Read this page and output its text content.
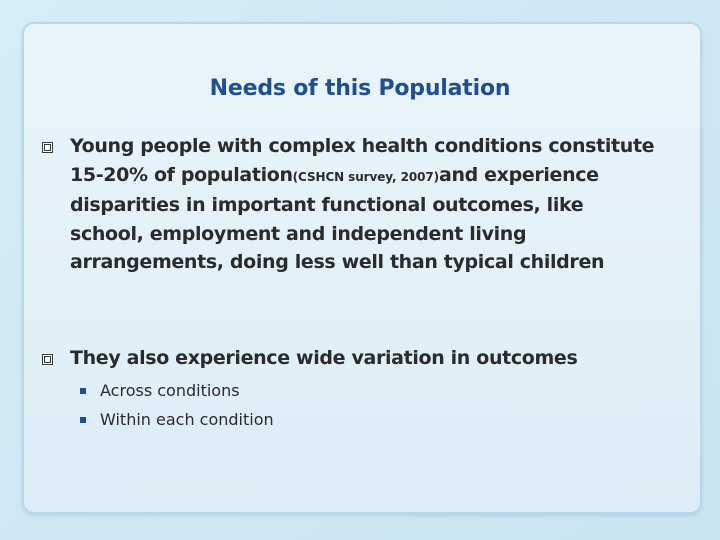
Needs of this Population
Young people with complex health conditions constitute 15-20% of population(CSHCN survey, 2007)and experience disparities in important functional outcomes, like school, employment and independent living arrangements, doing less well than typical children
They also experience wide variation in outcomes
Across conditions
Within each condition
